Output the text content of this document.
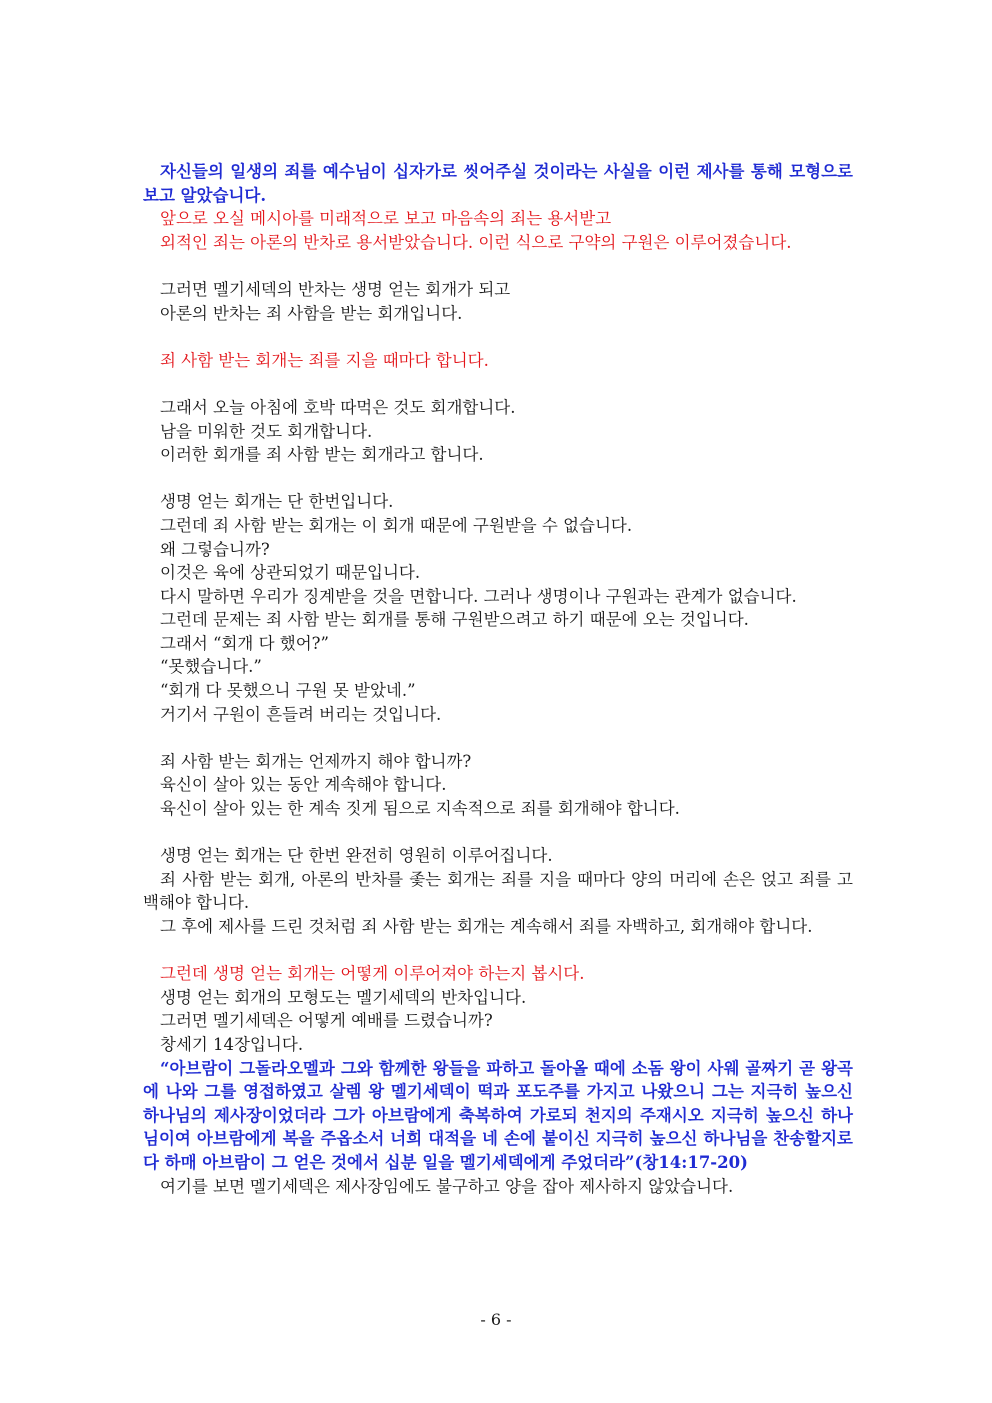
자신들의 일생의 죄를 예수님이 십자가로 씻어주실 것이라는 사실을 이런 제사를 통해 모형으로 보고 알았습니다.

앞으로 오실 메시아를 미래적으로 보고 마음속의 죄는 용서받고

외적인 죄는 아론의 반차로 용서받았습니다. 이런 식으로 구약의 구원은 이루어졌습니다.

그러면 멜기세덱의 반차는 생명 얻는 회개가 되고

아론의 반차는 죄 사함을 받는 회개입니다.

죄 사함 받는 회개는 죄를 지을 때마다 합니다.

그래서 오늘 아침에 호박 따먹은 것도 회개합니다.

남을 미워한 것도 회개합니다.

이러한 회개를 죄 사함 받는 회개라고 합니다.

생명 얻는 회개는 단 한번입니다.

그런데 죄 사함 받는 회개는 이 회개 때문에 구원받을 수 없습니다.

왜 그렇습니까?

이것은 육에 상관되었기 때문입니다.

다시 말하면 우리가 징계받을 것을 면합니다. 그러나 생명이나 구원과는 관계가 없습니다.

그런데 문제는 죄 사함 받는 회개를 통해 구원받으려고 하기 때문에 오는 것입니다.

그래서 “회개 다 했어?”

“못했습니다.”

“회개 다 못했으니 구원 못 받았네.”

거기서 구원이 흔들려 버리는 것입니다.

죄 사함 받는 회개는 언제까지 해야 합니까?

육신이 살아 있는 동안 계속해야 합니다.

육신이 살아 있는 한 계속 짓게 됨으로 지속적으로 죄를 회개해야 합니다.

생명 얻는 회개는 단 한번 완전히 영원히 이루어집니다.

죄 사함 받는 회개, 아론의 반차를 좇는 회개는 죄를 지을 때마다 양의 머리에 손은 얹고 죄를 고백해야 합니다.

그 후에 제사를 드린 것처럼 죄 사함 받는 회개는 계속해서 죄를 자백하고, 회개해야 합니다.

그런데 생명 얻는 회개는 어떻게 이루어져야 하는지 봅시다.

생명 얻는 회개의 모형도는 멜기세덱의 반차입니다.

그러면 멜기세덱은 어떻게 예배를 드렸습니까?

창세기 14장입니다.

“아브람이 그돌라오멜과 그와 함께한 왕들을 파하고 돌아올 때에 소돔 왕이 사웨 골짜기 곧 왕곡에 나와 그를 영접하였고 살렘 왕 멜기세덱이 떡과 포도주를 가지고 나왔으니 그는 지극히 높으신 하나님의 제사장이었더라 그가 아브람에게 축복하여 가로되 천지의 주재시오 지극히 높으신 하나님이여 아브람에게 복을 주옵소서 너희 대적을 네 손에 붙이신 지극히 높으신 하나님을 찬송할지로다 하매 아브람이 그 얻은 것에서 십분 일을 멜기세덱에게 주었더라”(창14:17-20)

여기를 보면 멜기세덱은 제사장임에도 불구하고 양을 잡아 제사하지 않았습니다.

- 6 -
